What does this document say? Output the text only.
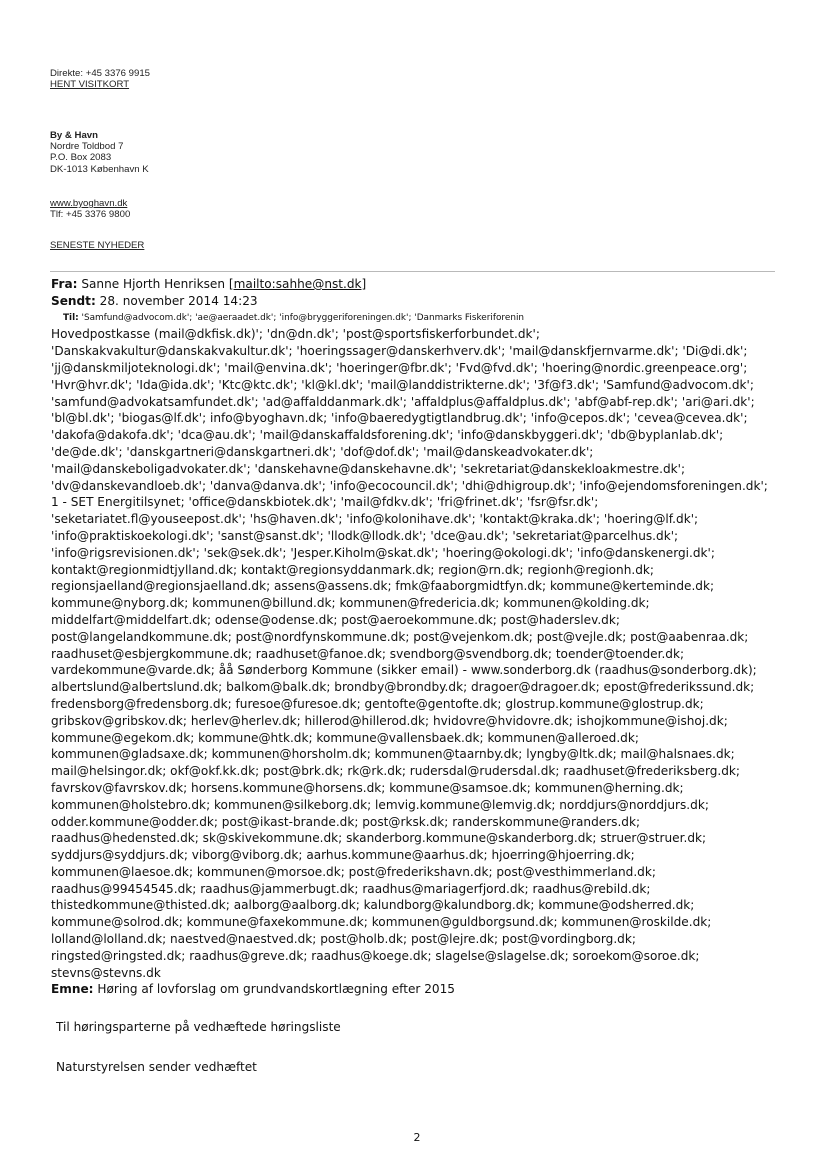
Direkte: +45 3376 9915
HENT VISITKORT
By & Havn
Nordre Toldbod 7
P.O. Box 2083
DK-1013 København K
www.byoghavn.dk
Tlf: +45 3376 9800
SENESTE NYHEDER
Fra: Sanne Hjorth Henriksen [mailto:sahhe@nst.dk]
Sendt: 28. november 2014 14:23
Til: 'Samfund@advocom.dk'; 'ae@aeraadet.dk'; 'info@bryggeriforeningen.dk'; 'Danmarks Fiskeriforenin
Hovedpostkasse (mail@dkfisk.dk)'; 'dn@dn.dk'; 'post@sportsfiskerforbundet.dk';
'Danskakvakultur@danskakvakultur.dk'; 'hoeringssager@danskerhverv.dk'; 'mail@danskfjernvarme.dk'; 'Di@di.dk';
'jj@danskmiljoteknologi.dk'; 'mail@envina.dk'; 'hoeringer@fbr.dk'; 'Fvd@fvd.dk'; 'hoering@nordic.greenpeace.org';
'Hvr@hvr.dk'; 'Ida@ida.dk'; 'Ktc@ktc.dk'; 'kl@kl.dk'; 'mail@landdistrikterne.dk'; '3f@f3.dk'; 'Samfund@advocom.dk';
'samfund@advokatsamfundet.dk'; 'ad@affalddanmark.dk'; 'affaldplus@affaldplus.dk'; 'abf@abf-rep.dk'; 'ari@ari.dk';
'bl@bl.dk'; 'biogas@lf.dk'; info@byoghavn.dk; 'info@baeredygtigtlandbrug.dk'; 'info@cepos.dk'; 'cevea@cevea.dk';
'dakofa@dakofa.dk'; 'dca@au.dk'; 'mail@danskaffaldsforening.dk'; 'info@danskbyggeri.dk'; 'db@byplanlab.dk';
'de@de.dk'; 'danskgartneri@danskgartneri.dk'; 'dof@dof.dk'; 'mail@danskeadvokater.dk';
'mail@danskeboligadvokater.dk'; 'danskehavne@danskehavne.dk'; 'sekretariat@danskekloakmestre.dk';
'dv@danskevandloeb.dk'; 'danva@danva.dk'; 'info@ecocouncil.dk'; 'dhi@dhigroup.dk'; 'info@ejendomsforeningen.dk';
1 - SET Energitilsynet; 'office@danskbiotek.dk'; 'mail@fdkv.dk'; 'fri@frinet.dk'; 'fsr@fsr.dk';
'seketariatet.fl@youseepost.dk'; 'hs@haven.dk'; 'info@kolonihave.dk'; 'kontakt@kraka.dk'; 'hoering@lf.dk';
'info@praktiskoekologi.dk'; 'sanst@sanst.dk'; 'llodk@llodk.dk'; 'dce@au.dk'; 'sekretariat@parcelhus.dk';
'info@rigsrevisionen.dk'; 'sek@sek.dk'; 'Jesper.Kiholm@skat.dk'; 'hoering@okologi.dk'; 'info@danskenergi.dk';
kontakt@regionmidtjylland.dk; kontakt@regionsyddanmark.dk; region@rn.dk; regionh@regionh.dk;
regionsjaelland@regionsjaelland.dk; assens@assens.dk; fmk@faaborgmidtfyn.dk; kommune@kerteminde.dk;
kommune@nyborg.dk; kommunen@billund.dk; kommunen@fredericia.dk; kommunen@kolding.dk;
middelfart@middelfart.dk; odense@odense.dk; post@aeroekommune.dk; post@haderslev.dk;
post@langelandkommune.dk; post@nordfynskommune.dk; post@vejenkom.dk; post@vejle.dk; post@aabenraa.dk;
raadhuset@esbjergkommune.dk; raadhuset@fanoe.dk; svendborg@svendborg.dk; toender@toender.dk;
vardekommune@varde.dk; åå Sønderborg Kommune (sikker email) - www.sonderborg.dk (raadhus@sonderborg.dk);
albertslund@albertslund.dk; balkom@balk.dk; brondby@brondby.dk; dragoer@dragoer.dk; epost@frederikssund.dk;
fredensborg@fredensborg.dk; furesoe@furesoe.dk; gentofte@gentofte.dk; glostrup.kommune@glostrup.dk;
gribskov@gribskov.dk; herlev@herlev.dk; hillerod@hillerod.dk; hvidovre@hvidovre.dk; ishojkommune@ishoj.dk;
kommune@egekom.dk; kommune@htk.dk; kommune@vallensbaek.dk; kommunen@alleroed.dk;
kommunen@gladsaxe.dk; kommunen@horsholm.dk; kommunen@taarnby.dk; lyngby@ltk.dk; mail@halsnaes.dk;
mail@helsingor.dk; okf@okf.kk.dk; post@brk.dk; rk@rk.dk; rudersdal@rudersdal.dk; raadhuset@frederiksberg.dk;
favrskov@favrskov.dk; horsens.kommune@horsens.dk; kommune@samsoe.dk; kommunen@herning.dk;
kommunen@holstebro.dk; kommunen@silkeborg.dk; lemvig.kommune@lemvig.dk; norddjurs@norddjurs.dk;
odder.kommune@odder.dk; post@ikast-brande.dk; post@rksk.dk; randerskommune@randers.dk;
raadhus@hedensted.dk; sk@skivekommune.dk; skanderborg.kommune@skanderborg.dk; struer@struer.dk;
syddjurs@syddjurs.dk; viborg@viborg.dk; aarhus.kommune@aarhus.dk; hjoerring@hjoerring.dk;
kommunen@laesoe.dk; kommunen@morsoe.dk; post@frederikshavn.dk; post@vesthimmerland.dk;
raadhus@99454545.dk; raadhus@jammerbugt.dk; raadhus@mariagerfjord.dk; raadhus@rebild.dk;
thistedkommune@thisted.dk; aalborg@aalborg.dk; kalundborg@kalundborg.dk; kommune@odsherred.dk;
kommune@solrod.dk; kommune@faxekommune.dk; kommunen@guldborgsund.dk; kommunen@roskilde.dk;
lolland@lolland.dk; naestved@naestved.dk; post@holb.dk; post@lejre.dk; post@vordingborg.dk;
ringsted@ringsted.dk; raadhus@greve.dk; raadhus@koege.dk; slagelse@slagelse.dk; soroekom@soroe.dk;
stevns@stevns.dk
Emne: Høring af lovforslag om grundvandskortlægning efter 2015
Til høringsparterne på vedhæftede høringsliste
Naturstyrelsen sender vedhæftet
2
